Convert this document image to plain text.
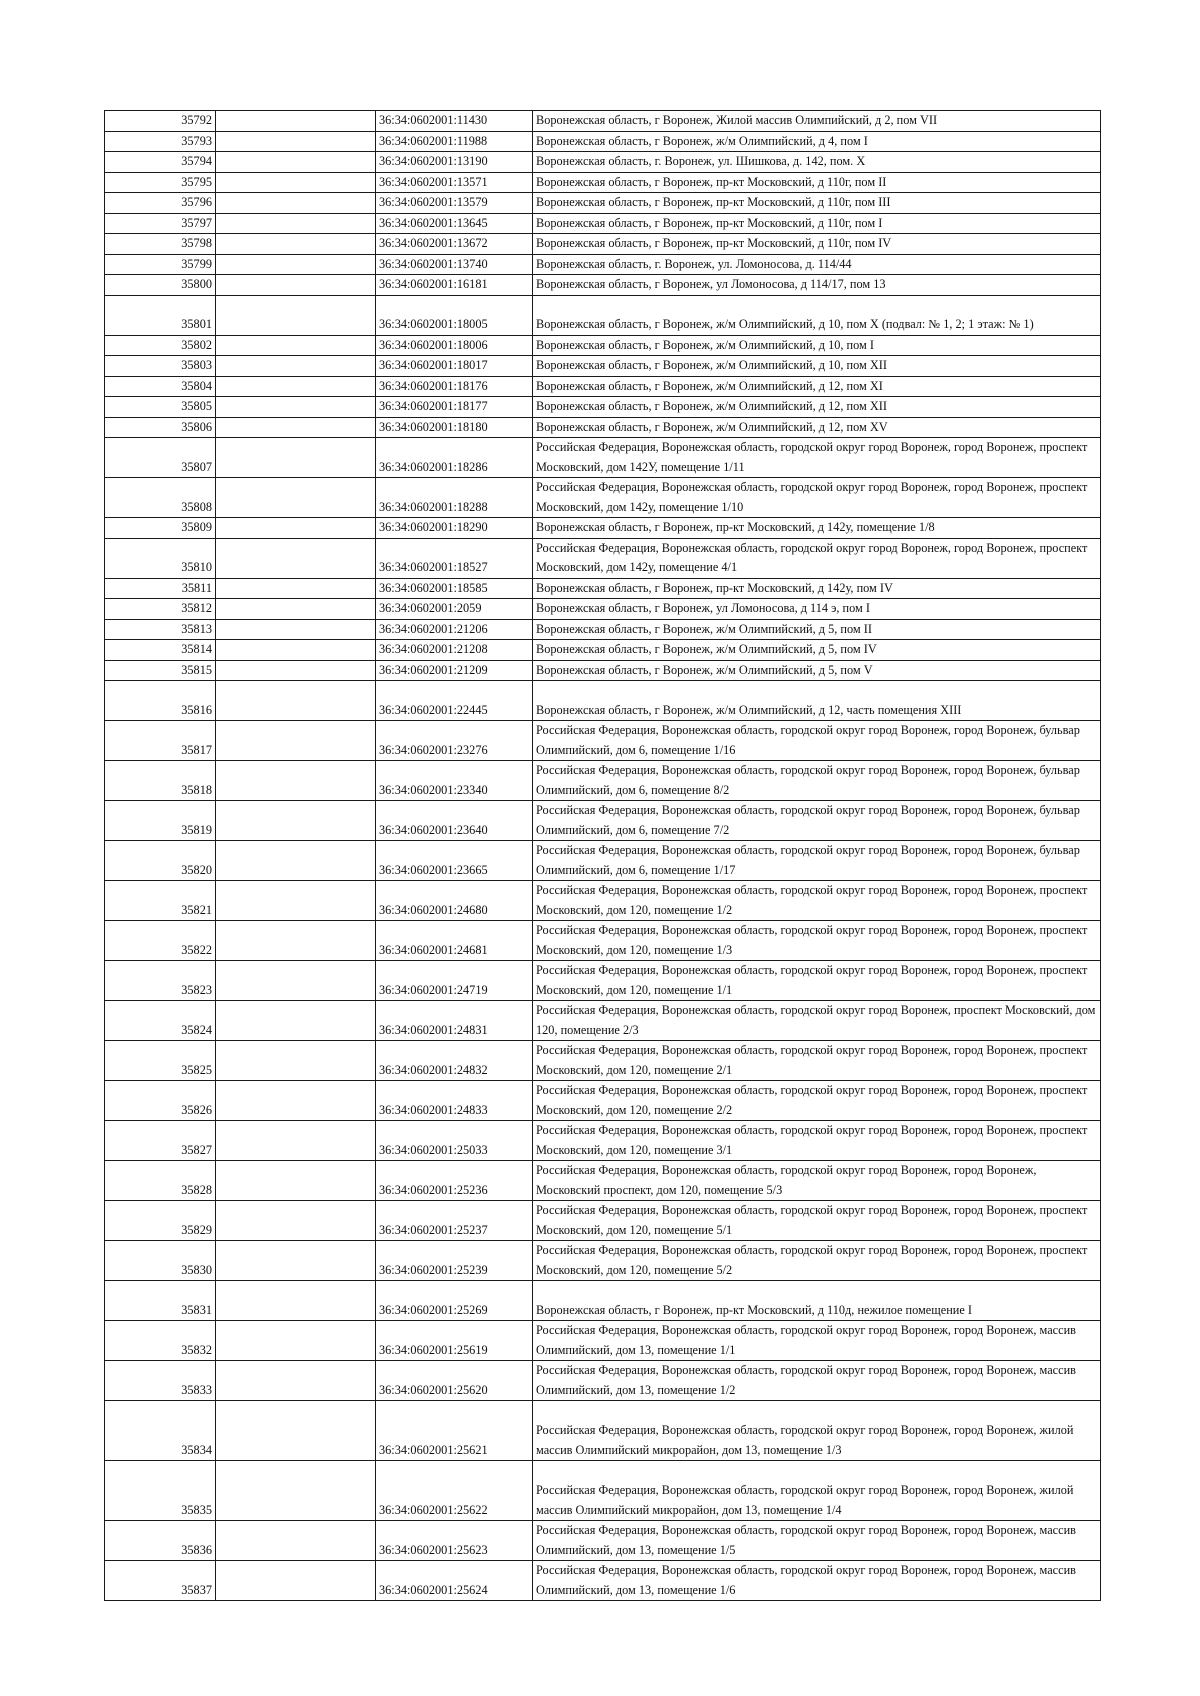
35792		36:34:0602001:11430	Воронежская область, г Воронеж, Жилой массив Олимпийский, д 2, пом VII
35793		36:34:0602001:11988	Воронежская область, г Воронеж, ж/м Олимпийский, д 4, пом I
35794		36:34:0602001:13190	Воронежская область, г. Воронеж, ул. Шишкова, д. 142, пом. X
35795		36:34:0602001:13571	Воронежская область, г Воронеж, пр-кт Московский, д 110г, пом II
35796		36:34:0602001:13579	Воронежская область, г Воронеж, пр-кт Московский, д 110г, пом III
35797		36:34:0602001:13645	Воронежская область, г Воронеж, пр-кт Московский, д 110г, пом I
35798		36:34:0602001:13672	Воронежская область, г Воронеж, пр-кт Московский, д 110г, пом IV
35799		36:34:0602001:13740	Воронежская область, г. Воронеж, ул. Ломоносова, д. 114/44
35800		36:34:0602001:16181	Воронежская область, г Воронеж, ул Ломоносова, д 114/17, пом 13
35801		36:34:0602001:18005	Воронежская область, г Воронеж, ж/м Олимпийский, д 10, пом X (подвал: № 1, 2; 1 этаж: № 1)
35802		36:34:0602001:18006	Воронежская область, г Воронеж, ж/м Олимпийский, д 10, пом I
35803		36:34:0602001:18017	Воронежская область, г Воронеж, ж/м Олимпийский, д 10, пом XII
35804		36:34:0602001:18176	Воронежская область, г Воронеж, ж/м Олимпийский, д 12, пом XI
35805		36:34:0602001:18177	Воронежская область, г Воронеж, ж/м Олимпийский, д 12, пом XII
35806		36:34:0602001:18180	Воронежская область, г Воронеж, ж/м Олимпийский, д 12, пом XV
35807		36:34:0602001:18286	Российская Федерация, Воронежская область, городской округ город Воронеж, город Воронеж, проспект Московский, дом 142У, помещение 1/11
35808		36:34:0602001:18288	Российская Федерация, Воронежская область, городской округ город Воронеж, город Воронеж, проспект Московский, дом 142у, помещение 1/10
35809		36:34:0602001:18290	Воронежская область, г Воронеж, пр-кт Московский, д 142у, помещение 1/8
35810		36:34:0602001:18527	Российская Федерация, Воронежская область, городской округ город Воронеж, город Воронеж, проспект Московский, дом 142у, помещение 4/1
35811		36:34:0602001:18585	Воронежская область, г Воронеж, пр-кт Московский, д 142у, пом IV
35812		36:34:0602001:2059	Воронежская область, г Воронеж, ул Ломоносова, д 114 э, пом I
35813		36:34:0602001:21206	Воронежская область, г Воронеж, ж/м Олимпийский, д 5, пом II
35814		36:34:0602001:21208	Воронежская область, г Воронеж, ж/м Олимпийский, д 5, пом IV
35815		36:34:0602001:21209	Воронежская область, г Воронеж, ж/м Олимпийский, д 5, пом V
35816		36:34:0602001:22445	Воронежская область, г Воронеж, ж/м Олимпийский, д 12, часть помещения XIII
35817		36:34:0602001:23276	Российская Федерация, Воронежская область, городской округ город Воронеж, город Воронеж, бульвар Олимпийский, дом 6, помещение 1/16
35818		36:34:0602001:23340	Российская Федерация, Воронежская область, городской округ город Воронеж, город Воронеж, бульвар Олимпийский, дом 6, помещение 8/2
35819		36:34:0602001:23640	Российская Федерация, Воронежская область, городской округ город Воронеж, город Воронеж, бульвар Олимпийский, дом 6, помещение 7/2
35820		36:34:0602001:23665	Российская Федерация, Воронежская область, городской округ город Воронеж, город Воронеж, бульвар Олимпийский, дом 6, помещение 1/17
35821		36:34:0602001:24680	Российская Федерация, Воронежская область, городской округ город Воронеж, город Воронеж, проспект Московский, дом 120, помещение 1/2
35822		36:34:0602001:24681	Российская Федерация, Воронежская область, городской округ город Воронеж, город Воронеж, проспект Московский, дом 120, помещение 1/3
35823		36:34:0602001:24719	Российская Федерация, Воронежская область, городской округ город Воронеж, город Воронеж, проспект Московский, дом 120, помещение 1/1
35824		36:34:0602001:24831	Российская Федерация, Воронежская область, городской округ город Воронеж, проспект Московский, дом 120, помещение 2/3
35825		36:34:0602001:24832	Российская Федерация, Воронежская область, городской округ город Воронеж, город Воронеж, проспект Московский, дом 120, помещение 2/1
35826		36:34:0602001:24833	Российская Федерация, Воронежская область, городской округ город Воронеж, город Воронеж, проспект Московский, дом 120, помещение 2/2
35827		36:34:0602001:25033	Российская Федерация, Воронежская область, городской округ город Воронеж, город Воронеж, проспект Московский, дом 120, помещение 3/1
35828		36:34:0602001:25236	Российская Федерация, Воронежская область, городской округ город Воронеж, город Воронеж, Московский проспект, дом 120, помещение 5/3
35829		36:34:0602001:25237	Российская Федерация, Воронежская область, городской округ город Воронеж, город Воронеж, проспект Московский, дом 120, помещение 5/1
35830		36:34:0602001:25239	Российская Федерация, Воронежская область, городской округ город Воронеж, город Воронеж, проспект Московский, дом 120, помещение 5/2
35831		36:34:0602001:25269	Воронежская область, г Воронеж, пр-кт Московский, д 110д, нежилое помещение I
35832		36:34:0602001:25619	Российская Федерация, Воронежская область, городской округ город Воронеж, город Воронеж, массив Олимпийский, дом 13, помещение 1/1
35833		36:34:0602001:25620	Российская Федерация, Воронежская область, городской округ город Воронеж, город Воронеж, массив Олимпийский, дом 13, помещение 1/2
35834		36:34:0602001:25621	Российская Федерация, Воронежская область, городской округ город Воронеж, город Воронеж, жилой массив Олимпийский микрорайон, дом 13, помещение 1/3
35835		36:34:0602001:25622	Российская Федерация, Воронежская область, городской округ город Воронеж, город Воронеж, жилой массив Олимпийский микрорайон, дом 13, помещение 1/4
35836		36:34:0602001:25623	Российская Федерация, Воронежская область, городской округ город Воронеж, город Воронеж, массив Олимпийский, дом 13, помещение 1/5
35837		36:34:0602001:25624	Российская Федерация, Воронежская область, городской округ город Воронеж, город Воронеж, массив Олимпийский, дом 13, помещение 1/6
